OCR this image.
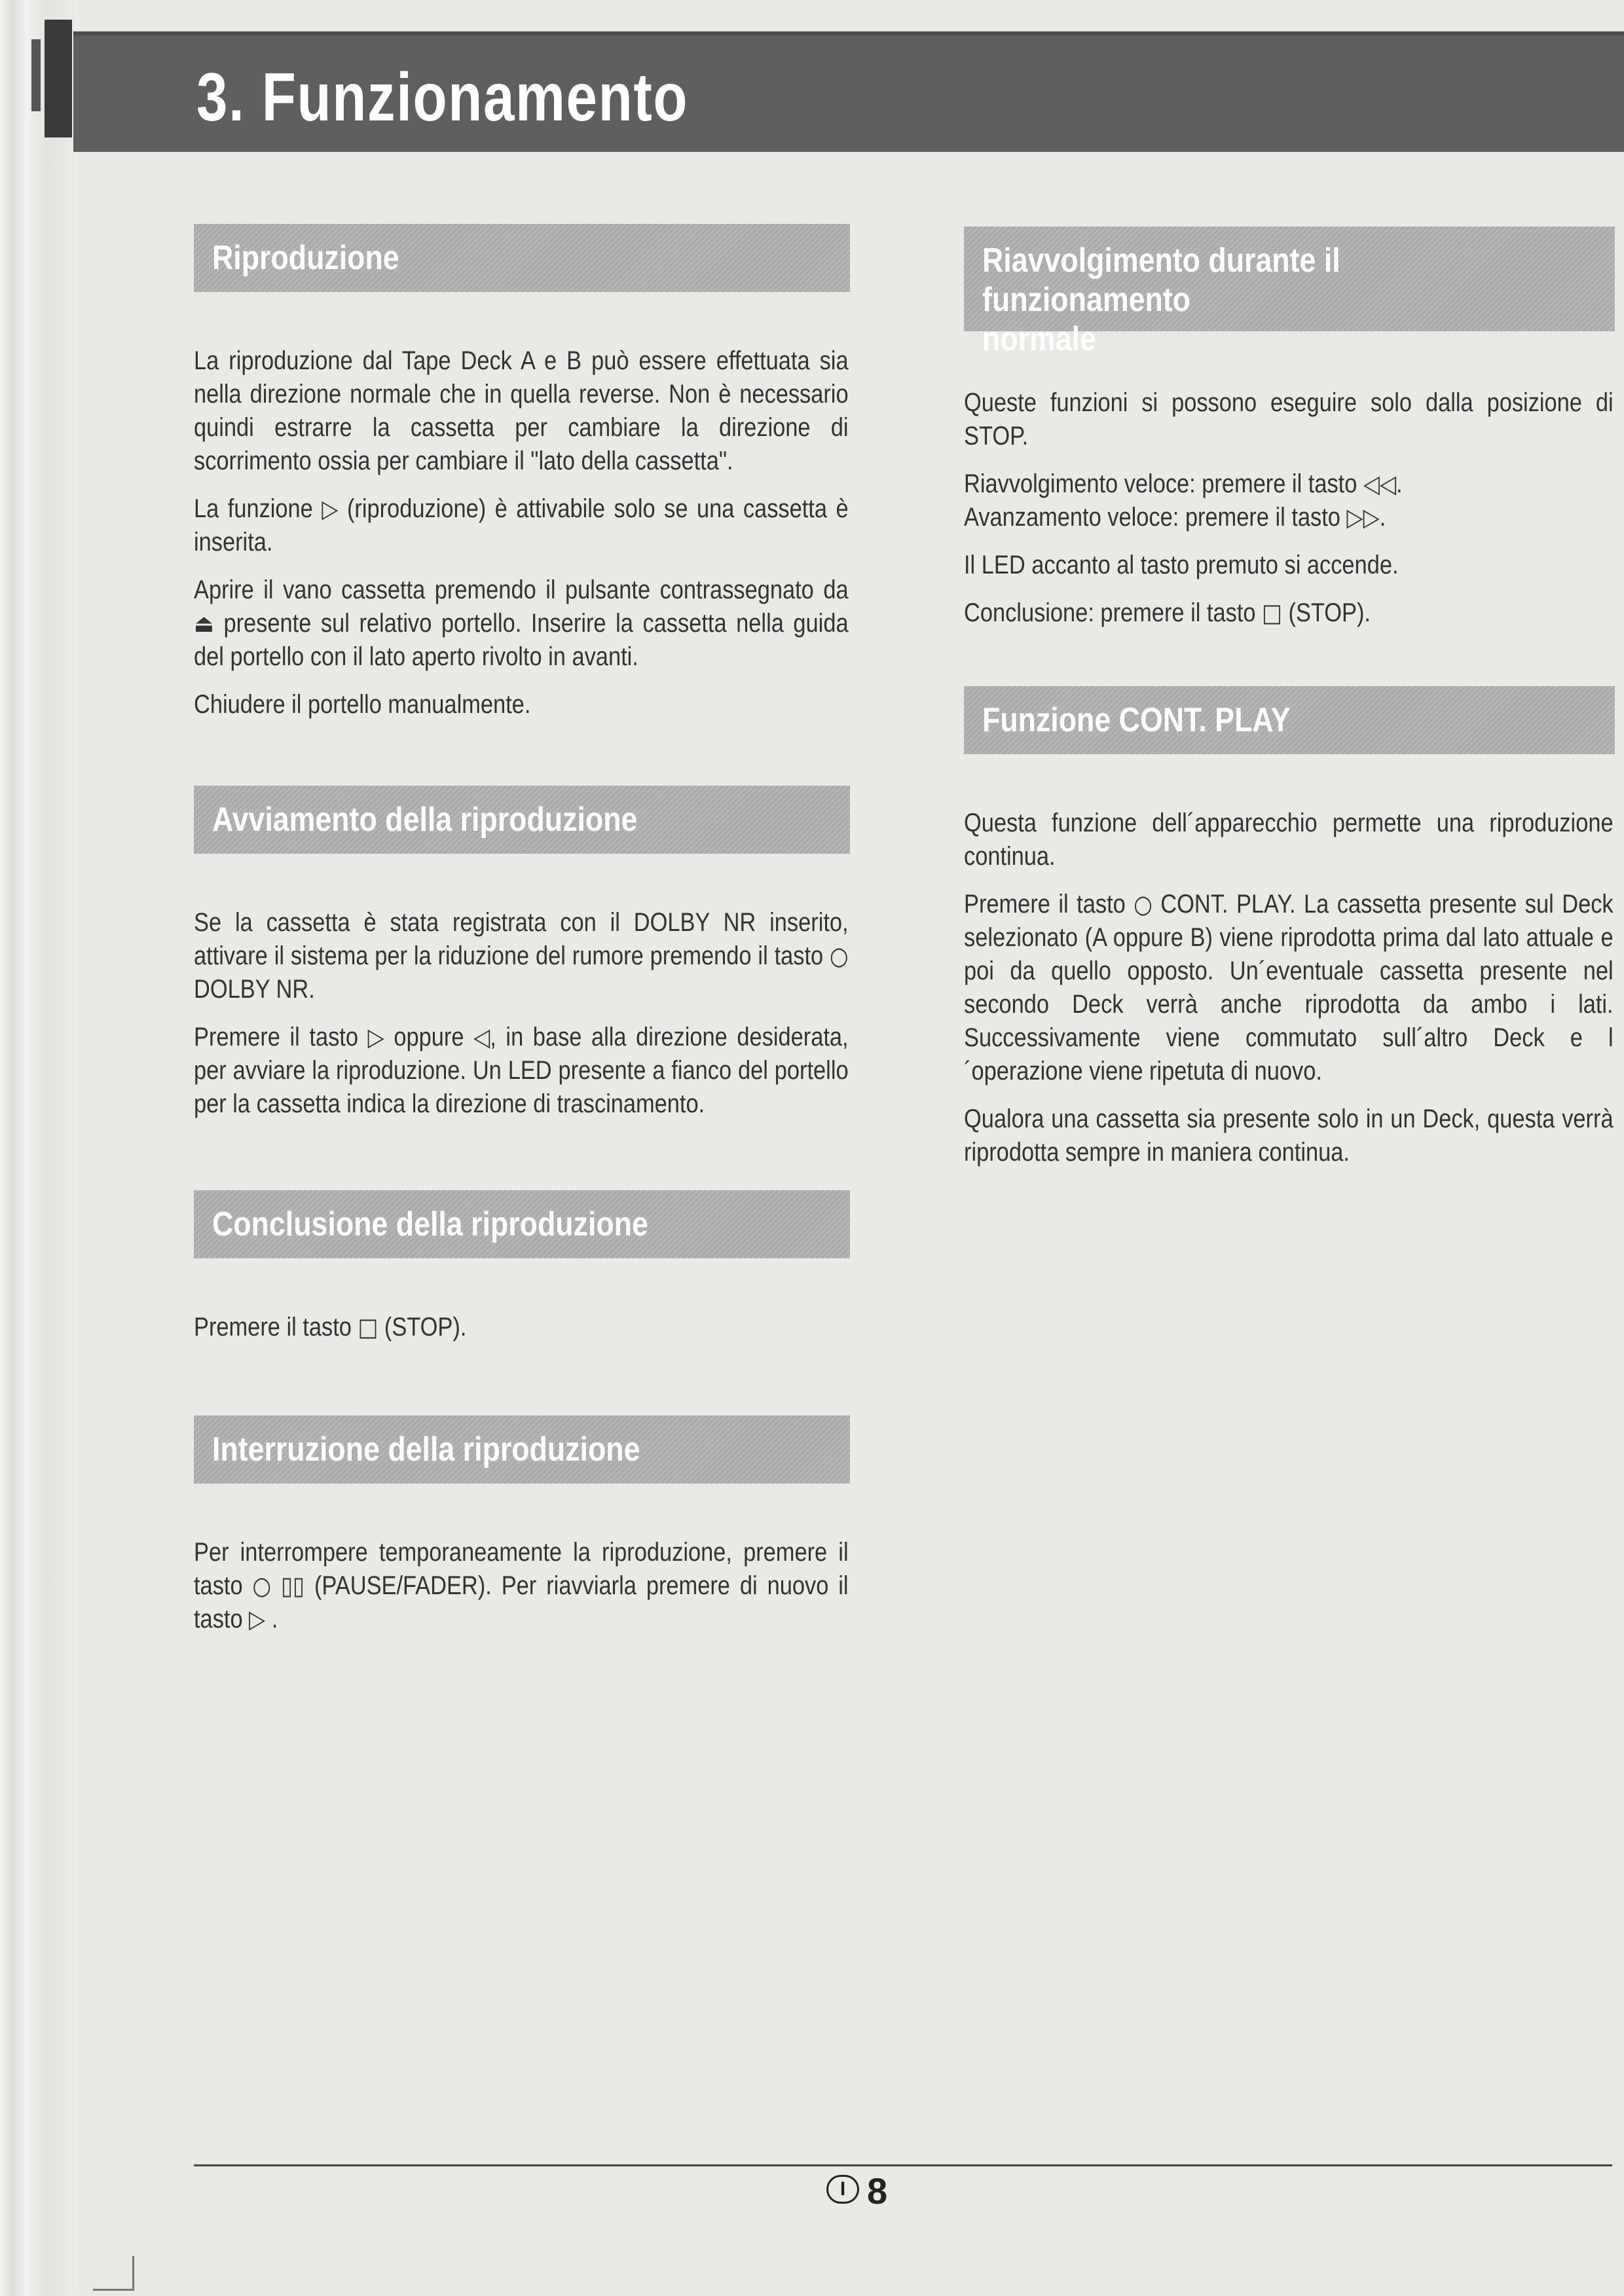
3. Funzionamento
Riproduzione

La riproduzione dal Tape Deck A e B può essere effettuata sia nella direzione normale che in quella reverse. Non è necessario quindi estrarre la cassetta per cambiare la direzione di scorrimento ossia per cambiare il "lato della cassetta".

La funzione ▷ (riproduzione) è attivabile solo se una cassetta è inserita.

Aprire il vano cassetta premendo il pulsante contrassegnato da ⏏ presente sul relativo portello. Inserire la cassetta nella guida del portello con il lato aperto rivolto in avanti.

Chiudere il portello manualmente.

Avviamento della riproduzione

Se la cassetta è stata registrata con il DOLBY NR inserito, attivare il sistema per la riduzione del rumore premendo il tasto ○ DOLBY NR.

Premere il tasto ▷ oppure ◁, in base alla direzione desiderata, per avviare la riproduzione. Un LED presente a fianco del portello per la cassetta indica la direzione di trascinamento.

Conclusione della riproduzione

Premere il tasto □ (STOP).

Interruzione della riproduzione

Per interrompere temporaneamente la riproduzione, premere il tasto ○ ▯▯ (PAUSE/FADER). Per riavviarla premere di nuovo il tasto ▷ .

Riavvolgimento durante il funzionamento
normale

Queste funzioni si possono eseguire solo dalla posizione di STOP.

Riavvolgimento veloce: premere il tasto ◁◁.

Avanzamento veloce: premere il tasto ▷▷.

Il LED accanto al tasto premuto si accende.

Conclusione: premere il tasto □ (STOP).

Funzione CONT. PLAY

Questa funzione dell´apparecchio permette una riproduzione continua.

Premere il tasto ○ CONT. PLAY. La cassetta presente sul Deck selezionato (A oppure B) viene riprodotta prima dal lato attuale e poi da quello opposto. Un´eventuale cassetta presente nel secondo Deck verrà anche riprodotta da ambo i lati. Successivamente viene commutato sull´altro Deck e l´operazione viene ripetuta di nuovo.

Qualora una cassetta sia presente solo in un Deck, questa verrà riprodotta sempre in maniera continua.

I 8
